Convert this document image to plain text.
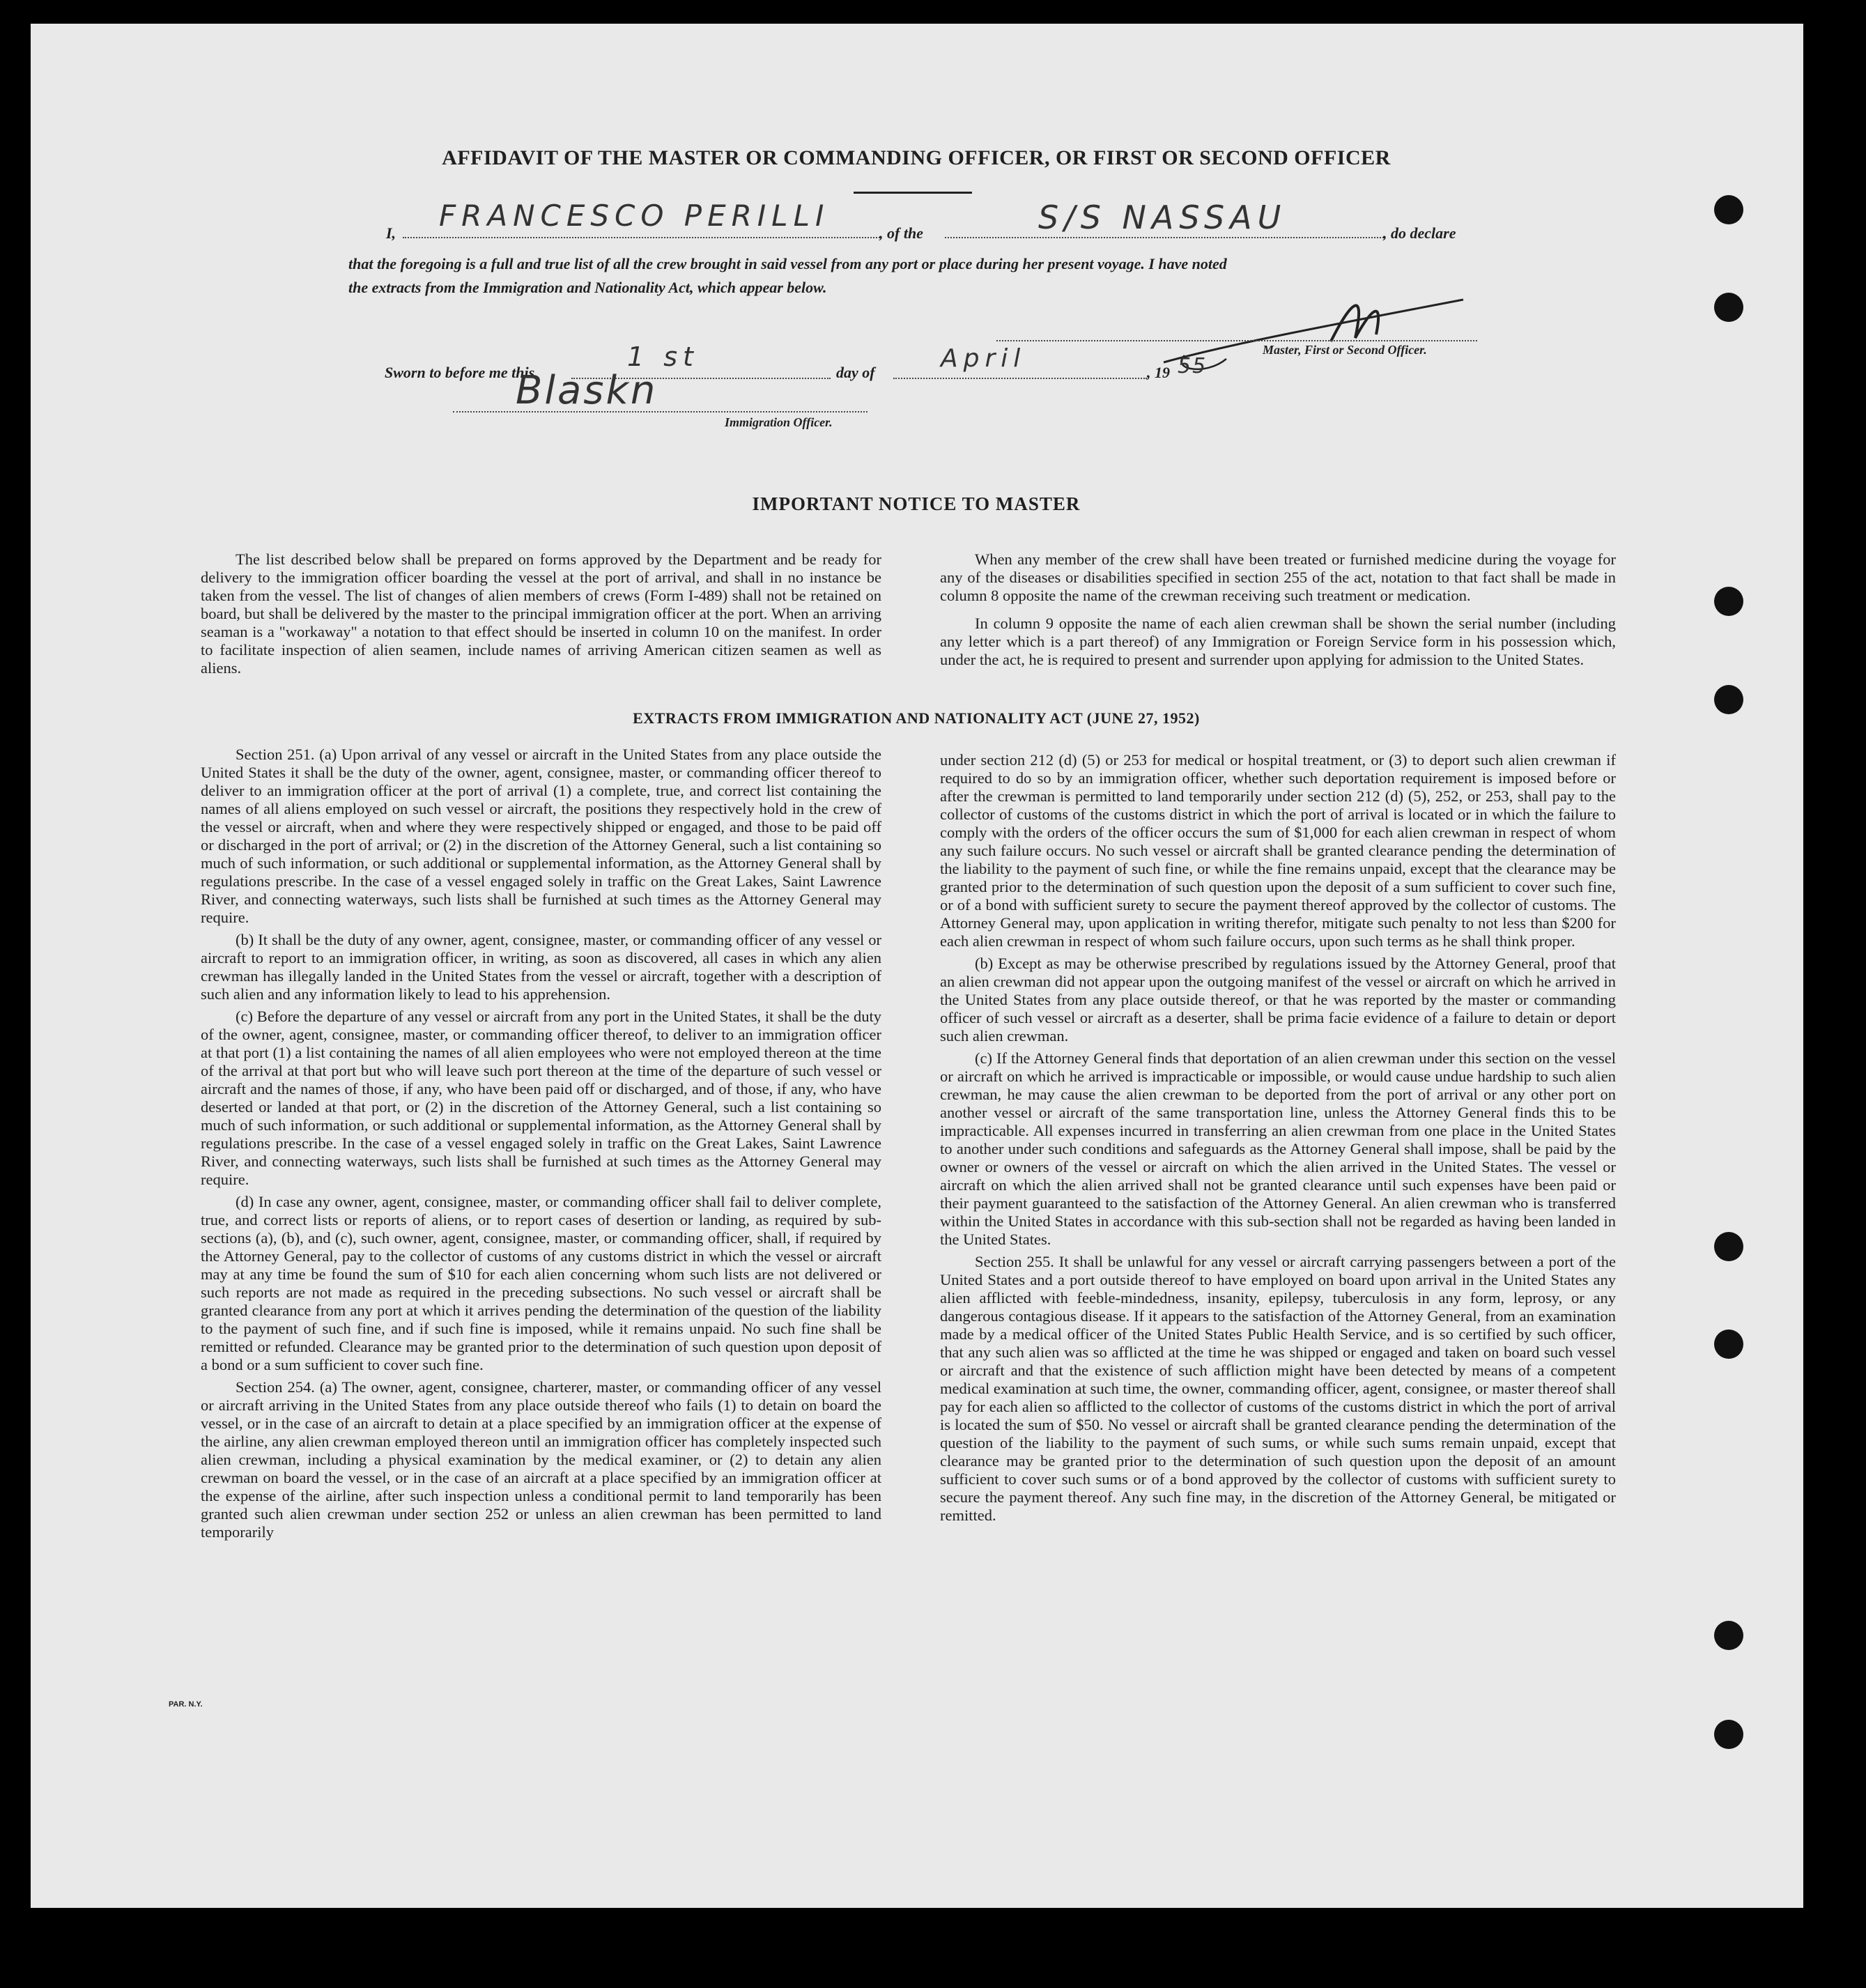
AFFIDAVIT OF THE MASTER OR COMMANDING OFFICER, OR FIRST OR SECOND OFFICER
I,
FRANCESCO PERILLI
, of the	S/S NASSAU	, do declare
that the foregoing is a full and true list of all the crew brought in said vessel from any port or place during her present voyage. I have noted
the extracts from the Immigration and Nationality Act, which appear below.
Master, First or Second Officer.
Sworn to before me this
1 st
day of	April	, 19 55
Blaskn
Immigration Officer.
IMPORTANT NOTICE TO MASTER

The list described below shall be prepared on forms approved by the Department and be ready for delivery to the immigration officer boarding the vessel at the port of arrival, and shall in no instance be taken from the vessel. The list of changes of alien members of crews (Form I-489) shall not be retained on board, but shall be delivered by the master to the principal immigration officer at the port. When an arriving seaman is a "workaway" a notation to that effect should be inserted in column 10 on the manifest. In order to facilitate inspection of alien seamen, include names of arriving American citizen seamen as well as aliens.

When any member of the crew shall have been treated or furnished medicine during the voyage for any of the diseases or disabilities specified in section 255 of the act, notation to that fact shall be made in column 8 opposite the name of the crewman receiving such treatment or medication.

In column 9 opposite the name of each alien crewman shall be shown the serial number (including any letter which is a part thereof) of any Immigration or Foreign Service form in his possession which, under the act, he is required to present and surrender upon applying for admission to the United States.

EXTRACTS FROM IMMIGRATION AND NATIONALITY ACT (JUNE 27, 1952)

Section 251. (a) Upon arrival of any vessel or aircraft in the United States from any place outside the United States it shall be the duty of the owner, agent, consignee, master, or commanding officer thereof to deliver to an immigration officer at the port of arrival (1) a complete, true, and correct list containing the names of all aliens employed on such vessel or aircraft, the positions they respectively hold in the crew of the vessel or aircraft, when and where they were respectively shipped or engaged, and those to be paid off or discharged in the port of arrival; or (2) in the discretion of the Attorney General, such a list containing so much of such information, or such additional or supplemental information, as the Attorney General shall by regulations prescribe. In the case of a vessel engaged solely in traffic on the Great Lakes, Saint Lawrence River, and connecting waterways, such lists shall be furnished at such times as the Attorney General may require.

(b) It shall be the duty of any owner, agent, consignee, master, or commanding officer of any vessel or aircraft to report to an immigration officer, in writing, as soon as discovered, all cases in which any alien crewman has illegally landed in the United States from the vessel or aircraft, together with a description of such alien and any information likely to lead to his apprehension.

(c) Before the departure of any vessel or aircraft from any port in the United States, it shall be the duty of the owner, agent, consignee, master, or commanding officer thereof, to deliver to an immigration officer at that port (1) a list containing the names of all alien employees who were not employed thereon at the time of the arrival at that port but who will leave such port thereon at the time of the departure of such vessel or aircraft and the names of those, if any, who have been paid off or discharged, and of those, if any, who have deserted or landed at that port, or (2) in the discretion of the Attorney General, such a list containing so much of such information, or such additional or supplemental information, as the Attorney General shall by regulations prescribe. In the case of a vessel engaged solely in traffic on the Great Lakes, Saint Lawrence River, and connecting waterways, such lists shall be furnished at such times as the Attorney General may require.

(d) In case any owner, agent, consignee, master, or commanding officer shall fail to deliver complete, true, and correct lists or reports of aliens, or to report cases of desertion or landing, as required by sub-sections (a), (b), and (c), such owner, agent, consignee, master, or commanding officer, shall, if required by the Attorney General, pay to the collector of customs of any customs district in which the vessel or aircraft may at any time be found the sum of $10 for each alien concerning whom such lists are not delivered or such reports are not made as required in the preceding subsections. No such vessel or aircraft shall be granted clearance from any port at which it arrives pending the determination of the question of the liability to the payment of such fine, and if such fine is imposed, while it remains unpaid. No such fine shall be remitted or refunded. Clearance may be granted prior to the determination of such question upon deposit of a bond or a sum sufficient to cover such fine.

Section 254. (a) The owner, agent, consignee, charterer, master, or commanding officer of any vessel or aircraft arriving in the United States from any place outside thereof who fails (1) to detain on board the vessel, or in the case of an aircraft to detain at a place specified by an immigration officer at the expense of the airline, any alien crewman employed thereon until an immigration officer has completely inspected such alien crewman, including a physical examination by the medical examiner, or (2) to detain any alien crewman on board the vessel, or in the case of an aircraft at a place specified by an immigration officer at the expense of the airline, after such inspection unless a conditional permit to land temporarily has been granted such alien crewman under section 252 or unless an alien crewman has been permitted to land temporarily

under section 212 (d) (5) or 253 for medical or hospital treatment, or (3) to deport such alien crewman if required to do so by an immigration officer, whether such deportation requirement is imposed before or after the crewman is permitted to land temporarily under section 212 (d) (5), 252, or 253, shall pay to the collector of customs of the customs district in which the port of arrival is located or in which the failure to comply with the orders of the officer occurs the sum of $1,000 for each alien crewman in respect of whom any such failure occurs. No such vessel or aircraft shall be granted clearance pending the determination of the liability to the payment of such fine, or while the fine remains unpaid, except that the clearance may be granted prior to the determination of such question upon the deposit of a sum sufficient to cover such fine, or of a bond with sufficient surety to secure the payment thereof approved by the collector of customs. The Attorney General may, upon application in writing therefor, mitigate such penalty to not less than $200 for each alien crewman in respect of whom such failure occurs, upon such terms as he shall think proper.

(b) Except as may be otherwise prescribed by regulations issued by the Attorney General, proof that an alien crewman did not appear upon the outgoing manifest of the vessel or aircraft on which he arrived in the United States from any place outside thereof, or that he was reported by the master or commanding officer of such vessel or aircraft as a deserter, shall be prima facie evidence of a failure to detain or deport such alien crewman.

(c) If the Attorney General finds that deportation of an alien crewman under this section on the vessel or aircraft on which he arrived is impracticable or impossible, or would cause undue hardship to such alien crewman, he may cause the alien crewman to be deported from the port of arrival or any other port on another vessel or aircraft of the same transportation line, unless the Attorney General finds this to be impracticable. All expenses incurred in transferring an alien crewman from one place in the United States to another under such conditions and safeguards as the Attorney General shall impose, shall be paid by the owner or owners of the vessel or aircraft on which the alien arrived in the United States. The vessel or aircraft on which the alien arrived shall not be granted clearance until such expenses have been paid or their payment guaranteed to the satisfaction of the Attorney General. An alien crewman who is transferred within the United States in accordance with this sub-section shall not be regarded as having been landed in the United States.

Section 255. It shall be unlawful for any vessel or aircraft carrying passengers between a port of the United States and a port outside thereof to have employed on board upon arrival in the United States any alien afflicted with feeble-mindedness, insanity, epilepsy, tuberculosis in any form, leprosy, or any dangerous contagious disease. If it appears to the satisfaction of the Attorney General, from an examination made by a medical officer of the United States Public Health Service, and is so certified by such officer, that any such alien was so afflicted at the time he was shipped or engaged and taken on board such vessel or aircraft and that the existence of such affliction might have been detected by means of a competent medical examination at such time, the owner, commanding officer, agent, consignee, or master thereof shall pay for each alien so afflicted to the collector of customs of the customs district in which the port of arrival is located the sum of $50. No vessel or aircraft shall be granted clearance pending the determination of the question of the liability to the payment of such sums, or while such sums remain unpaid, except that clearance may be granted prior to the determination of such question upon the deposit of an amount sufficient to cover such sums or of a bond approved by the collector of customs with sufficient surety to secure the payment thereof. Any such fine may, in the discretion of the Attorney General, be mitigated or remitted.

PAR. N.Y.
